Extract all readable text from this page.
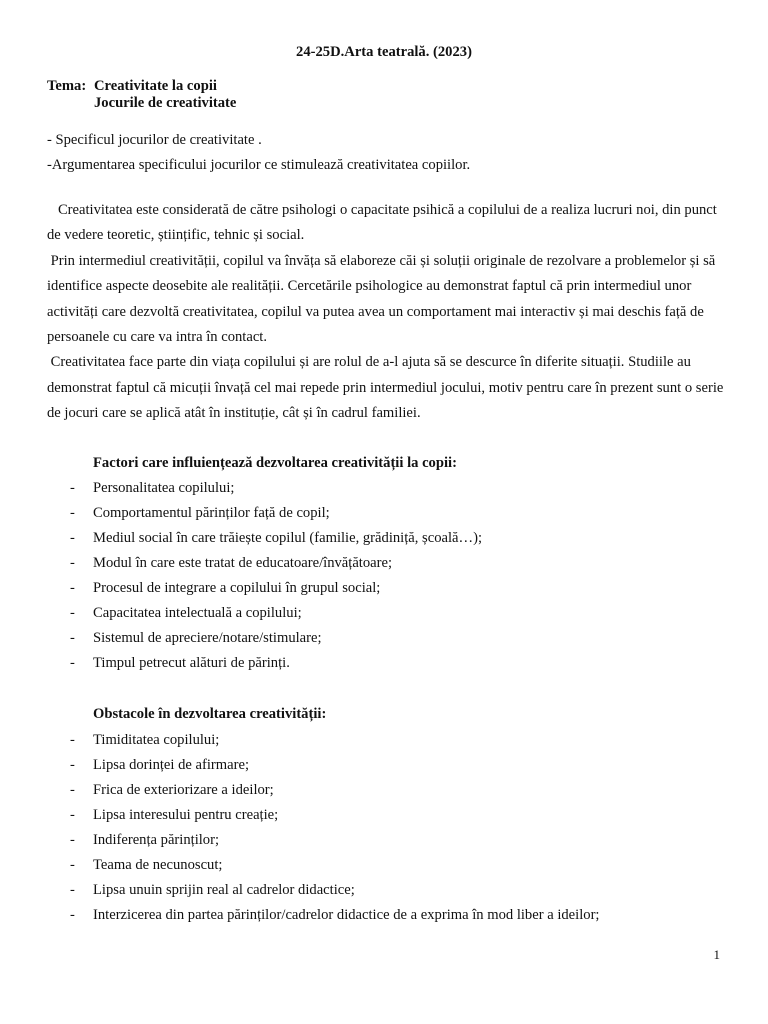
24-25D.Arta teatrală. (2023)
Tema: Creativitate la copii
Jocurile de creativitate
- Specificul jocurilor de creativitate .
-Argumentarea specificului jocurilor ce stimulează creativitatea copiilor.
Creativitatea este considerată de către psihologi o capacitate psihică a copilului de a realiza lucruri noi, din punct de vedere teoretic, științific, tehnic și social.
Prin intermediul creativității, copilul va învăța să elaboreze căi și soluții originale de rezolvare a problemelor și să identifice aspecte deosebite ale realității. Cercetările psihologice au demonstrat faptul că prin intermediul unor activități care dezvoltă creativitatea, copilul va putea avea un comportament mai interactiv și mai deschis față de persoanele cu care va intra în contact.
Creativitatea face parte din viața copilului și are rolul de a-l ajuta să se descurce în diferite situații. Studiile au demonstrat faptul că micuții învață cel mai repede prin intermediul jocului, motiv pentru care în prezent sunt o serie de jocuri care se aplică atât în instituție, cât și în cadrul familiei.
Factori care influiențează dezvoltarea creativității la copii:
- Personalitatea copilului;
- Comportamentul părinților față de copil;
- Mediul social în care trăiește copilul (familie, grădiniță, școală…);
- Modul în care este tratat de educatoare/învățătoare;
- Procesul de integrare a copilului în grupul social;
- Capacitatea intelectuală a copilului;
- Sistemul de apreciere/notare/stimulare;
- Timpul petrecut alături de părinți.
Obstacole în dezvoltarea creativității:
- Timiditatea copilului;
- Lipsa dorinței de afirmare;
- Frica de exteriorizare a ideilor;
- Lipsa interesului pentru creație;
- Indiferența părinților;
- Teama de necunoscut;
- Lipsa unuin sprijin real al cadrelor didactice;
- Interzicerea din partea părinților/cadrelor didactice de a exprima în mod liber a ideilor;
1
